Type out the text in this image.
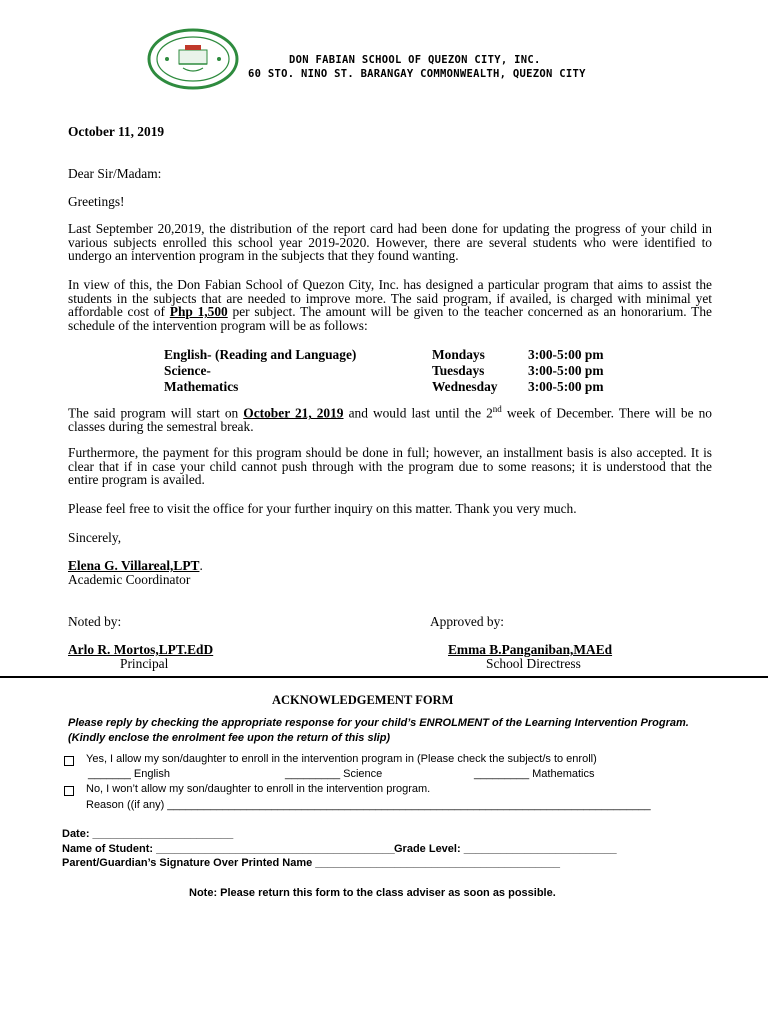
DON FABIAN SCHOOL OF QUEZON CITY, INC.
60 STO. NINO ST. BARANGAY COMMONWEALTH, QUEZON CITY
October 11, 2019
Dear Sir/Madam:
Greetings!

Last September 20,2019, the distribution of the report card had been done for updating the progress of your child in various subjects enrolled this school year 2019-2020. However, there are several students who were identified to undergo an intervention program in the subjects that they found wanting.

In view of this, the Don Fabian School of Quezon City, Inc. has designed a particular program that aims to assist the students in the subjects that are needed to improve more. The said program, if availed, is charged with minimal yet affordable cost of Php 1,500 per subject. The amount will be given to the teacher concerned as an honorarium. The schedule of the intervention program will be as follows:

English- (Reading and Language)	Mondays	3:00-5:00 pm
Science-	Tuesdays	3:00-5:00 pm
Mathematics	Wednesday	3:00-5:00 pm

The said program will start on October 21, 2019 and would last until the 2nd week of December. There will be no classes during the semestral break.

Furthermore, the payment for this program should be done in full; however, an installment basis is also accepted. It is clear that if in case your child cannot push through with the program due to some reasons; it is understood that the entire program is availed.

Please feel free to visit the office for your further inquiry on this matter. Thank you very much.

Sincerely,
Elena G. Villareal,LPT.
Academic Coordinator
Noted by:	Approved by:
Arlo R. Mortos,LPT.EdD
Principal
Emma B.Panganiban,MAEd
School Directress
ACKNOWLEDGEMENT FORM
Please reply by checking the appropriate response for your child’s ENROLMENT of the Learning Intervention Program. (Kindly enclose the enrolment fee upon the return of this slip)
Yes, I allow my son/daughter to enroll in the intervention program in (Please check the subject/s to enroll)
_______ English	_________ Science	_________ Mathematics
No, I won’t allow my son/daughter to enroll in the intervention program.
Reason ((if any) _______________________________________________________________________________
Date: _______________________
Name of Student: _______________________________________ Grade Level: _________________________
Parent/Guardian’s Signature Over Printed Name ________________________________________
Note: Please return this form to the class adviser as soon as possible.
